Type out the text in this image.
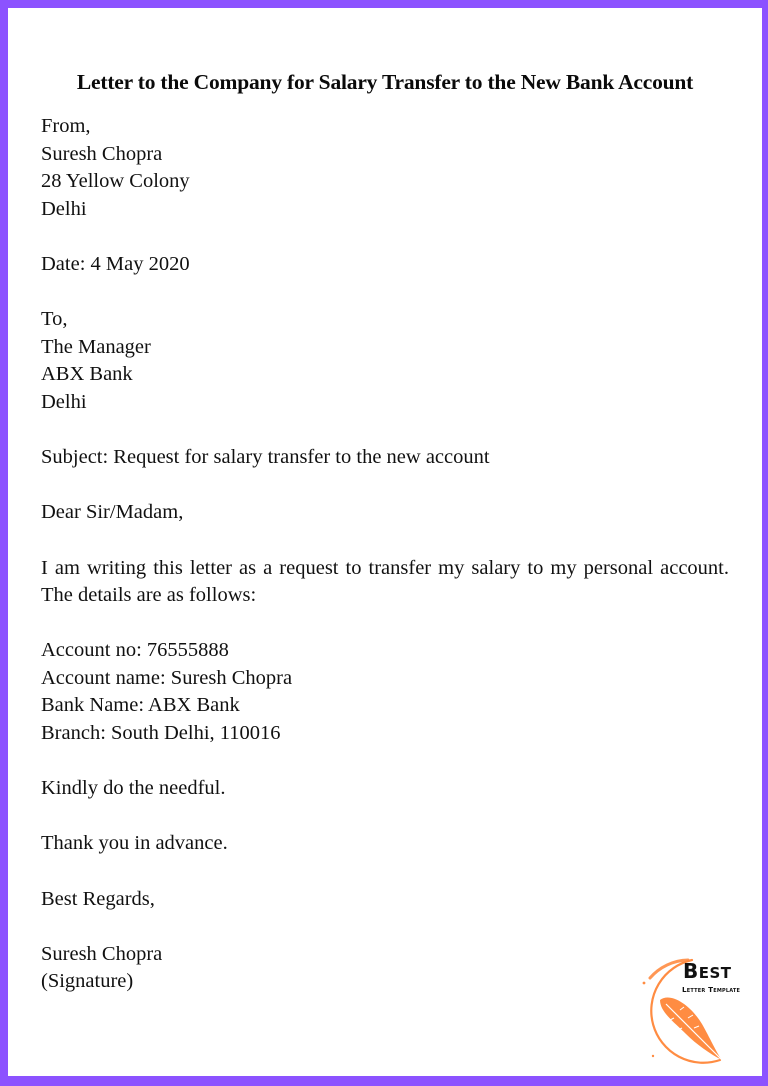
Letter to the Company for Salary Transfer to the New Bank Account
From,
Suresh Chopra
28 Yellow Colony
Delhi
Date: 4 May 2020
To,
The Manager
ABX Bank
Delhi
Subject: Request for salary transfer to the new account
Dear Sir/Madam,
I am writing this letter as a request to transfer my salary to my personal account. The details are as follows:
Account no: 76555888
Account name: Suresh Chopra
Bank Name: ABX Bank
Branch: South Delhi, 110016
Kindly do the needful.
Thank you in advance.
Best Regards,
Suresh Chopra
(Signature)	BEST
Letter Template
